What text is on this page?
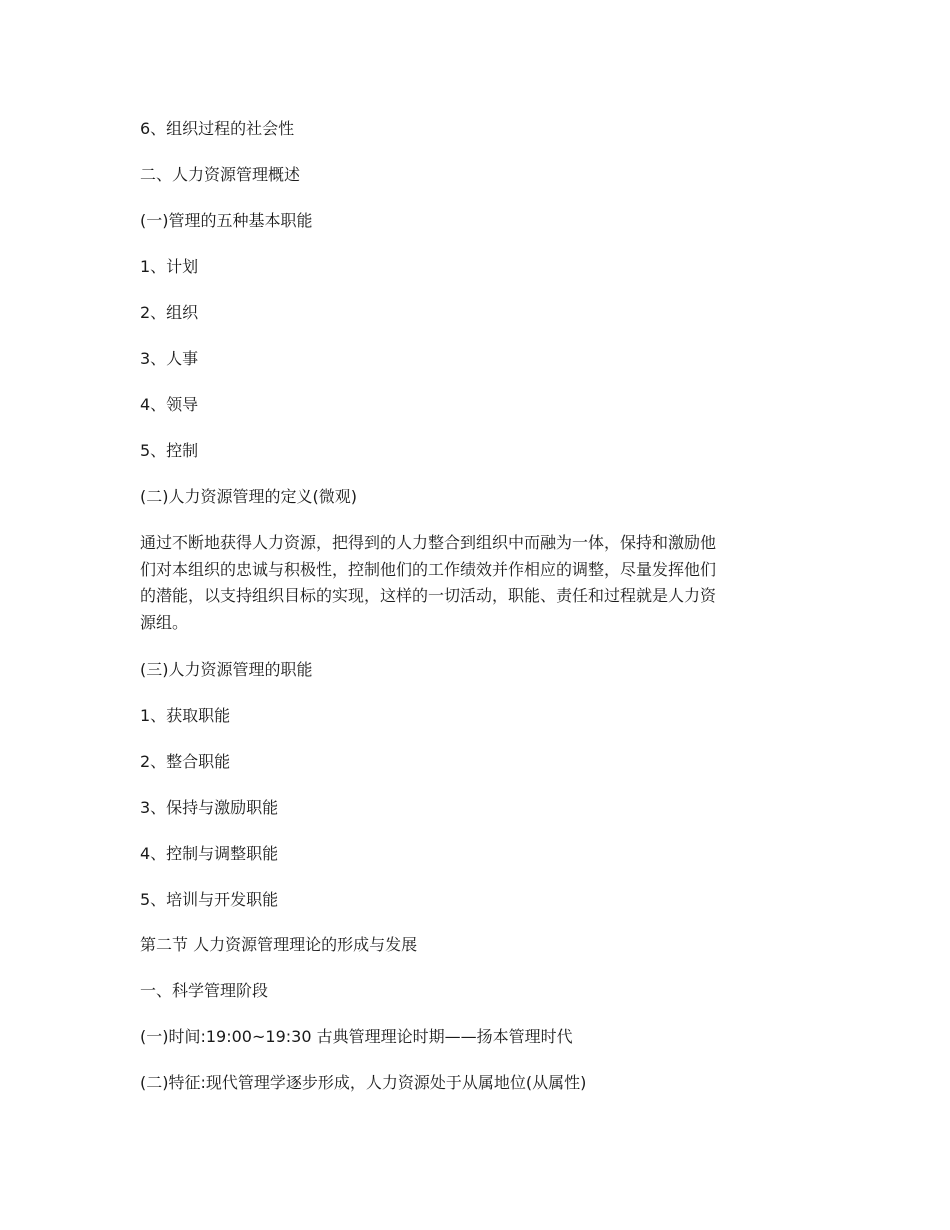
6、组织过程的社会性
二、人力资源管理概述
(一)管理的五种基本职能
1、计划
2、组织
3、人事
4、领导
5、控制
(二)人力资源管理的定义(微观)
通过不断地获得人力资源，把得到的人力整合到组织中而融为一体，保持和激励他
们对本组织的忠诚与积极性，控制他们的工作绩效并作相应的调整，尽量发挥他们
的潜能，以支持组织目标的实现，这样的一切活动，职能、责任和过程就是人力资
源组。
(三)人力资源管理的职能
1、获取职能
2、整合职能
3、保持与激励职能
4、控制与调整职能
5、培训与开发职能
第二节 人力资源管理理论的形成与发展
一、科学管理阶段
(一)时间:19:00~19:30 古典管理理论时期——扬本管理时代
(二)特征:现代管理学逐步形成，人力资源处于从属地位(从属性)
